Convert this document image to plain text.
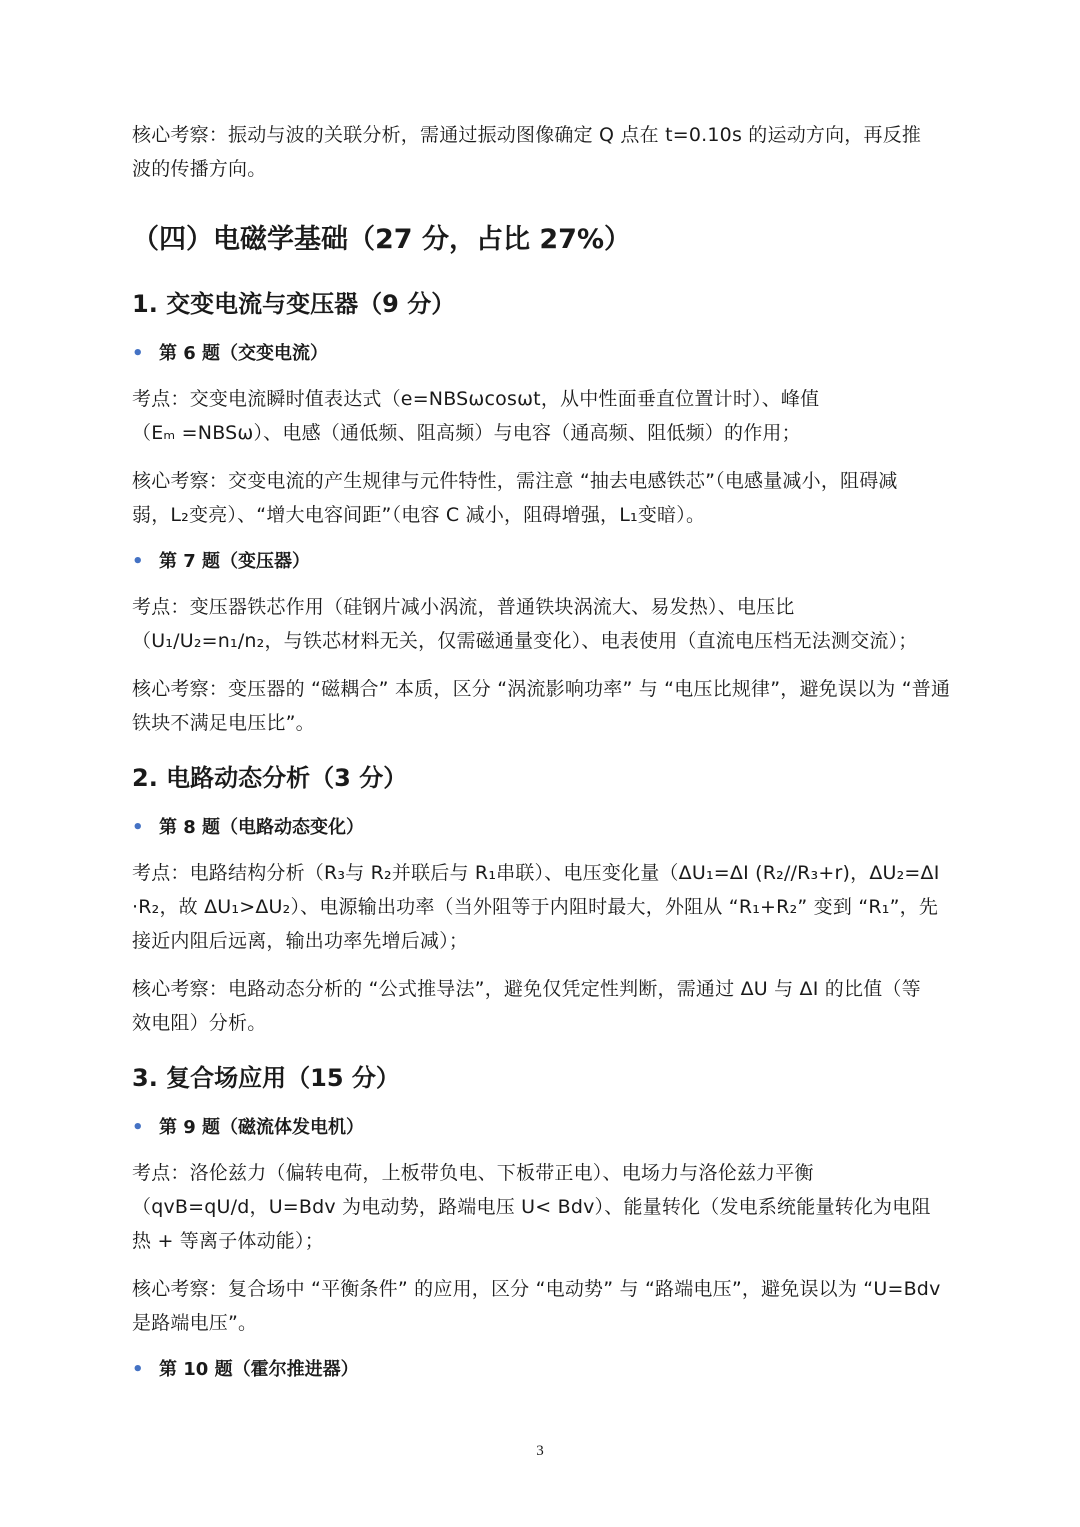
核心考察：振动与波的关联分析，需通过振动图像确定 Q 点在 t=0.10s 的运动方向，再反推
波的传播方向。
（四）电磁学基础（27 分，占比 27%）
1. 交变电流与变压器（9 分）
• 第 6 题（交变电流）
考点：交变电流瞬时值表达式（e=NBSωcosωt，从中性面垂直位置计时）、峰值
（Eₘ =NBSω）、电感（通低频、阻高频）与电容（通高频、阻低频）的作用；
核心考察：交变电流的产生规律与元件特性，需注意 “抽去电感铁芯”（电感量减小，阻碍减
弱，L₂变亮）、“增大电容间距”（电容 C 减小，阻碍增强，L₁变暗）。
• 第 7 题（变压器）
考点：变压器铁芯作用（硅钢片减小涡流，普通铁块涡流大、易发热）、电压比
（U₁/U₂=n₁/n₂，与铁芯材料无关，仅需磁通量变化）、电表使用（直流电压档无法测交流）；
核心考察：变压器的 “磁耦合” 本质，区分 “涡流影响功率” 与 “电压比规律”，避免误以为 “普通
铁块不满足电压比”。
2. 电路动态分析（3 分）
• 第 8 题（电路动态变化）
考点：电路结构分析（R₃与 R₂并联后与 R₁串联）、电压变化量（ΔU₁=ΔI (R₂//R₃+r)，ΔU₂=ΔI
·R₂，故 ΔU₁>ΔU₂）、电源输出功率（当外阻等于内阻时最大，外阻从 “R₁+R₂” 变到 “R₁”，先
接近内阻后远离，输出功率先增后减）；
核心考察：电路动态分析的 “公式推导法”，避免仅凭定性判断，需通过 ΔU 与 ΔI 的比值（等
效电阻）分析。
3. 复合场应用（15 分）
• 第 9 题（磁流体发电机）
考点：洛伦兹力（偏转电荷，上板带负电、下板带正电）、电场力与洛伦兹力平衡
（qvB=qU/d，U=Bdv 为电动势，路端电压 U< Bdv）、能量转化（发电系统能量转化为电阻
热 + 等离子体动能）；
核心考察：复合场中 “平衡条件” 的应用，区分 “电动势” 与 “路端电压”，避免误以为 “U=Bdv
是路端电压”。
• 第 10 题（霍尔推进器）
3
